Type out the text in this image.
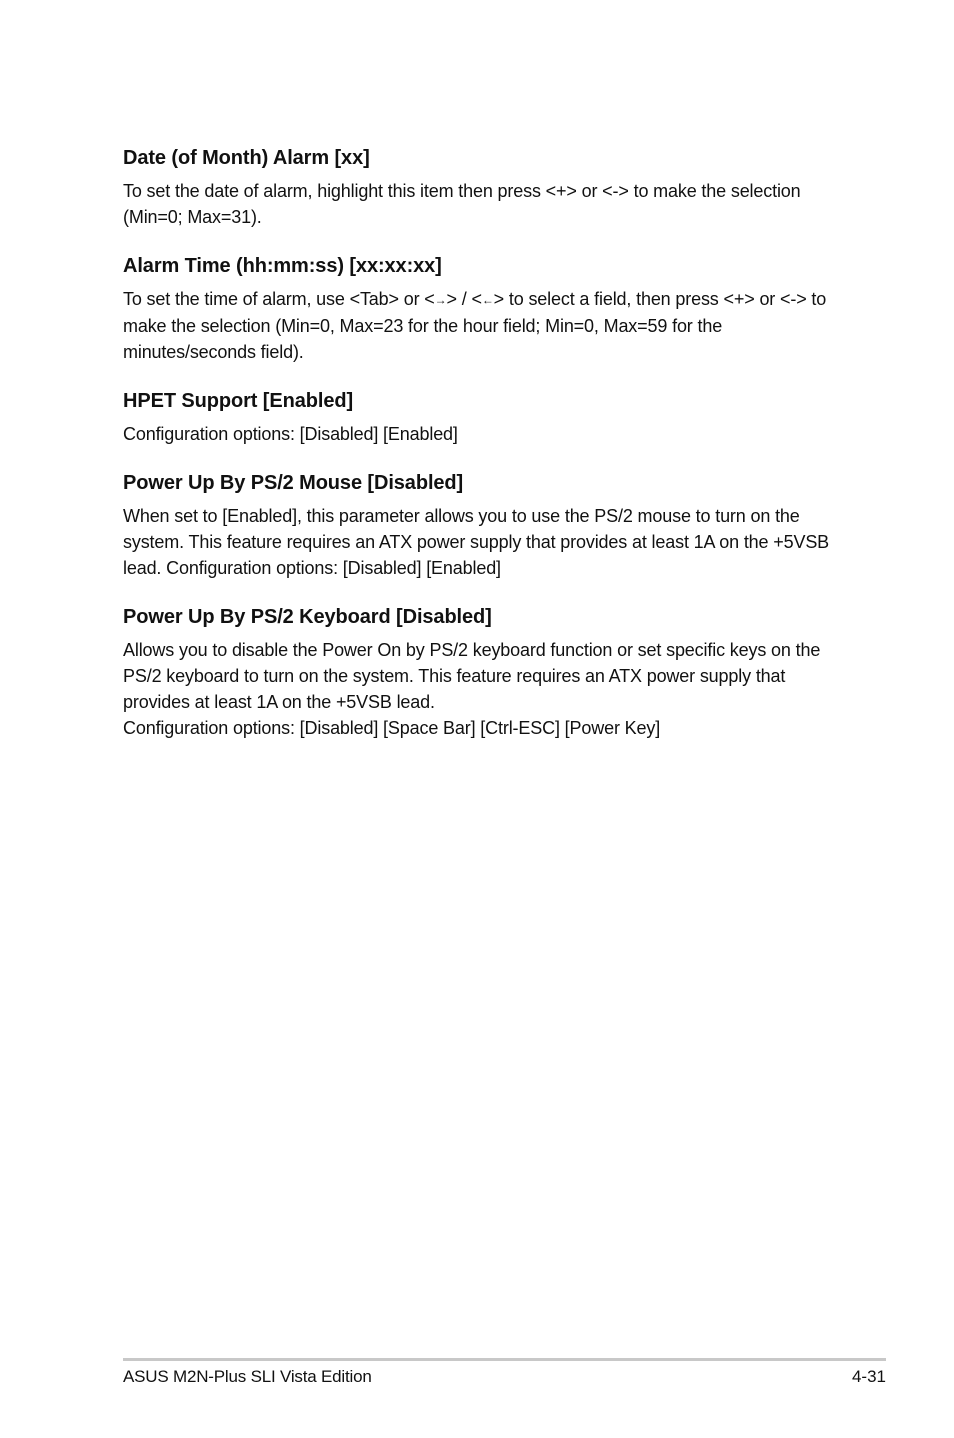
Date (of Month) Alarm [xx]

To set the date of alarm, highlight this item then press <+> or <-> to make the selection (Min=0; Max=31).

Alarm Time (hh:mm:ss) [xx:xx:xx]

To set the time of alarm, use <Tab> or <→> / <←> to select a field, then press <+> or <-> to make the selection (Min=0, Max=23 for the hour field; Min=0, Max=59 for the minutes/seconds field).

HPET Support [Enabled]

Configuration options: [Disabled] [Enabled]

Power Up By PS/2 Mouse [Disabled]

When set to [Enabled], this parameter allows you to use the PS/2 mouse to turn on the system. This feature requires an ATX power supply that provides at least 1A on the +5VSB lead. Configuration options: [Disabled] [Enabled]

Power Up By PS/2 Keyboard [Disabled]

Allows you to disable the Power On by PS/2 keyboard function or set specific keys on the PS/2 keyboard to turn on the system. This feature requires an ATX power supply that provides at least 1A on the +5VSB lead.

Configuration options: [Disabled] [Space Bar] [Ctrl-ESC] [Power Key]

ASUS M2N-Plus SLI Vista Edition	4-31
